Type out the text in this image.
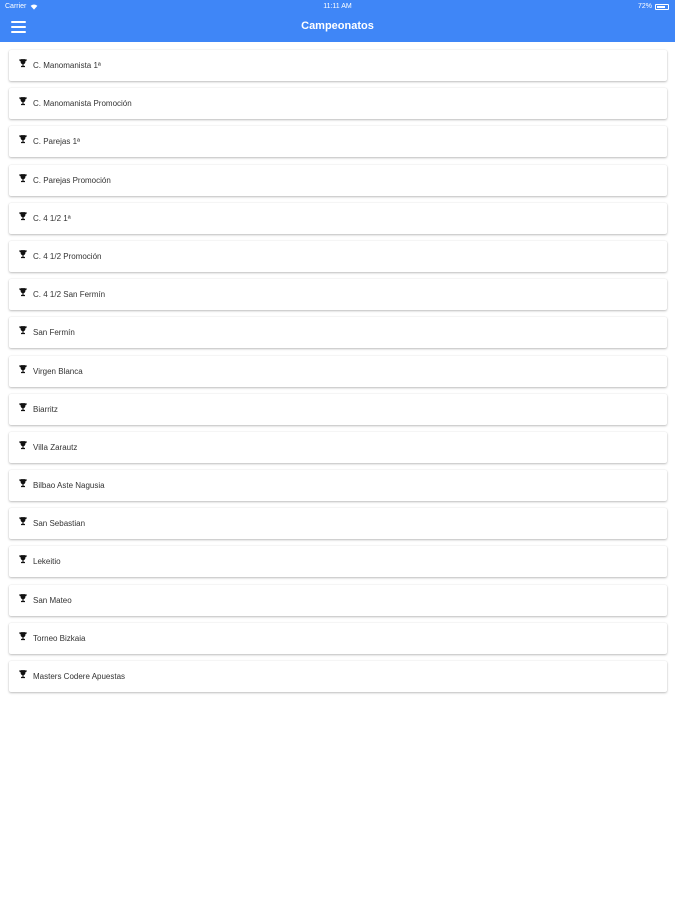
Carrier	11:11 AM	72%
Campeonatos
C. Manomanista 1ª
C. Manomanista Promoción
C. Parejas 1ª
C. Parejas Promoción
C. 4 1/2 1ª
C. 4 1/2 Promoción
C. 4 1/2 San Fermín
San Fermín
Virgen Blanca
Biarritz
Villa Zarautz
Bilbao Aste Nagusia
San Sebastian
Lekeitio
San Mateo
Torneo Bizkaia
Masters Codere Apuestas
